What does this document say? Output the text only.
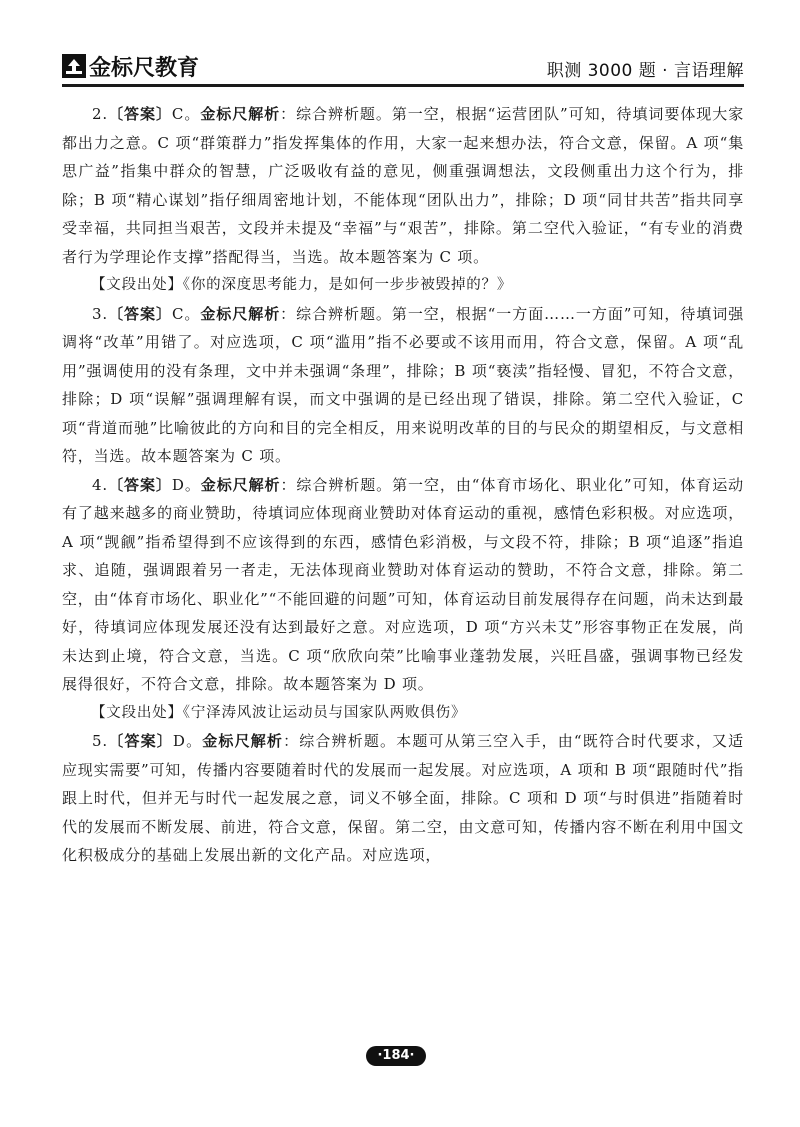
金标尺教育	职测 3000 题 · 言语理解

2.〔答案〕C。金标尺解析：综合辨析题。第一空，根据“运营团队”可知，待填词要体现大家都出力之意。C 项“群策群力”指发挥集体的作用，大家一起来想办法，符合文意，保留。A 项“集思广益”指集中群众的智慧，广泛吸收有益的意见，侧重强调想法，文段侧重出力这个行为，排除；B 项“精心谋划”指仔细周密地计划，不能体现“团队出力”，排除；D 项“同甘共苦”指共同享受幸福，共同担当艰苦，文段并未提及“幸福”与“艰苦”，排除。第二空代入验证，“有专业的消费者行为学理论作支撑”搭配得当，当选。故本题答案为 C 项。

【文段出处】《你的深度思考能力，是如何一步步被毁掉的？》

3.〔答案〕C。金标尺解析：综合辨析题。第一空，根据“一方面……一方面”可知，待填词强调将“改革”用错了。对应选项，C 项“滥用”指不必要或不该用而用，符合文意，保留。A 项“乱用”强调使用的没有条理，文中并未强调“条理”，排除；B 项“亵渎”指轻慢、冒犯，不符合文意，排除；D 项“误解”强调理解有误，而文中强调的是已经出现了错误，排除。第二空代入验证，C 项“背道而驰”比喻彼此的方向和目的完全相反，用来说明改革的目的与民众的期望相反，与文意相符，当选。故本题答案为 C 项。

4.〔答案〕D。金标尺解析：综合辨析题。第一空，由“体育市场化、职业化”可知，体育运动有了越来越多的商业赞助，待填词应体现商业赞助对体育运动的重视，感情色彩积极。对应选项，A 项“觊觎”指希望得到不应该得到的东西，感情色彩消极，与文段不符，排除；B 项“追逐”指追求、追随，强调跟着另一者走，无法体现商业赞助对体育运动的赞助，不符合文意，排除。第二空，由“体育市场化、职业化”“不能回避的问题”可知，体育运动目前发展得存在问题，尚未达到最好，待填词应体现发展还没有达到最好之意。对应选项，D 项“方兴未艾”形容事物正在发展，尚未达到止境，符合文意，当选。C 项“欣欣向荣”比喻事业蓬勃发展，兴旺昌盛，强调事物已经发展得很好，不符合文意，排除。故本题答案为 D 项。

【文段出处】《宁泽涛风波让运动员与国家队两败俱伤》

5.〔答案〕D。金标尺解析：综合辨析题。本题可从第三空入手，由“既符合时代要求，又适应现实需要”可知，传播内容要随着时代的发展而一起发展。对应选项，A 项和 B 项“跟随时代”指跟上时代，但并无与时代一起发展之意，词义不够全面，排除。C 项和 D 项“与时俱进”指随着时代的发展而不断发展、前进，符合文意，保留。第二空，由文意可知，传播内容不断在利用中国文化积极成分的基础上发展出新的文化产品。对应选项，

·184·
